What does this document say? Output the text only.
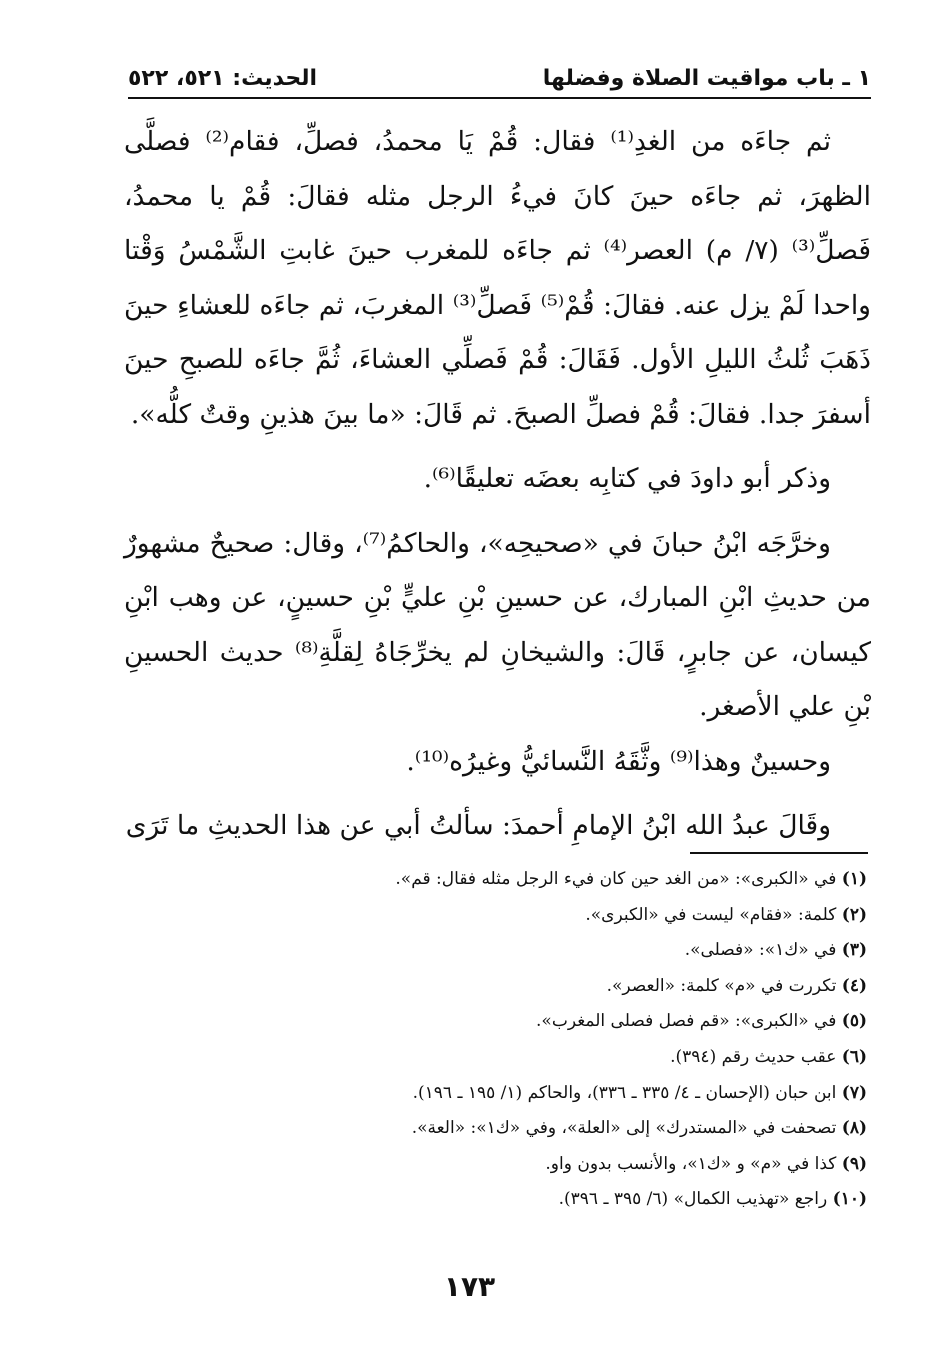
١ ـ باب مواقيت الصلاة وفضلها
الحديث: ٥٢١، ٥٢٢

ثم جاءَه من الغدِ⁽¹⁾ فقال: قُمْ يَا محمدُ، فصلِّ، فقام⁽²⁾ فصلَّى الظهرَ، ثم جاءَه حينَ كانَ فيءُ الرجل مثله فقالَ: قُمْ يا محمدُ، فَصلِّ⁽³⁾ (٧/ م) العصر⁽⁴⁾ ثم جاءَه للمغرب حينَ غابتِ الشَّمْسُ وَقْتا واحدا لَمْ يزل عنه. فقالَ: قُمْ⁽⁵⁾ فَصلِّ⁽³⁾ المغربَ، ثم جاءَه للعشاءِ حينَ ذَهَبَ ثُلثُ الليلِ الأول. فَقَالَ: قُمْ فَصلِّي العشاءَ، ثُمَّ جاءَه للصبحِ حينَ أسفرَ جدا. فقالَ: قُمْ فصلِّ الصبحَ. ثم قَالَ: «ما بينَ هذينِ وقتٌ كلُّه».

وذكر أبو داودَ في كتابِه بعضَه تعليقًا⁽⁶⁾.

وخرَّجَه ابْنُ حبانَ في «صحيحِه»، والحاكمُ⁽⁷⁾، وقال: صحيحٌ مشهورٌ من حديثِ ابْنِ المبارك، عن حسينِ بْنِ عليٍّ بْنِ حسينٍ، عن وهب ابْنِ كيسان، عن جابرٍ، قَالَ: والشيخانِ لم يخرِّجَاهُ لِقلَّةِ⁽⁸⁾ حديث الحسينِ بْنِ علي الأصغر.

وحسينٌ وهذا⁽⁹⁾ وثَّقَهُ النَّسائيُّ وغيرُه⁽¹⁰⁾.

وقَالَ عبدُ الله ابْنُ الإمامِ أحمدَ: سألتُ أبي عن هذا الحديثِ ما تَرَى

(١) في «الكبرى»: «من الغد حين كان فيء الرجل مثله فقال: قم».
(٢) كلمة: «فقام» ليست في «الكبرى».
(٣) في «ك١»: «فصلى».
(٤) تكررت في «م» كلمة: «العصر».
(٥) في «الكبرى»: «قم فصل فصلى المغرب».
(٦) عقب حديث رقم (٣٩٤).
(٧) ابن حبان (الإحسان ـ ٤/ ٣٣٥ ـ ٣٣٦)، والحاكم (١/ ١٩٥ ـ ١٩٦).
(٨) تصحفت في «المستدرك» إلى «العلة»، وفي «ك١»: «العة».
(٩) كذا في «م» و «ك١»، والأنسب بدون واو.
(١٠) راجع «تهذيب الكمال» (٦/ ٣٩٥ ـ ٣٩٦).
١٧٣
